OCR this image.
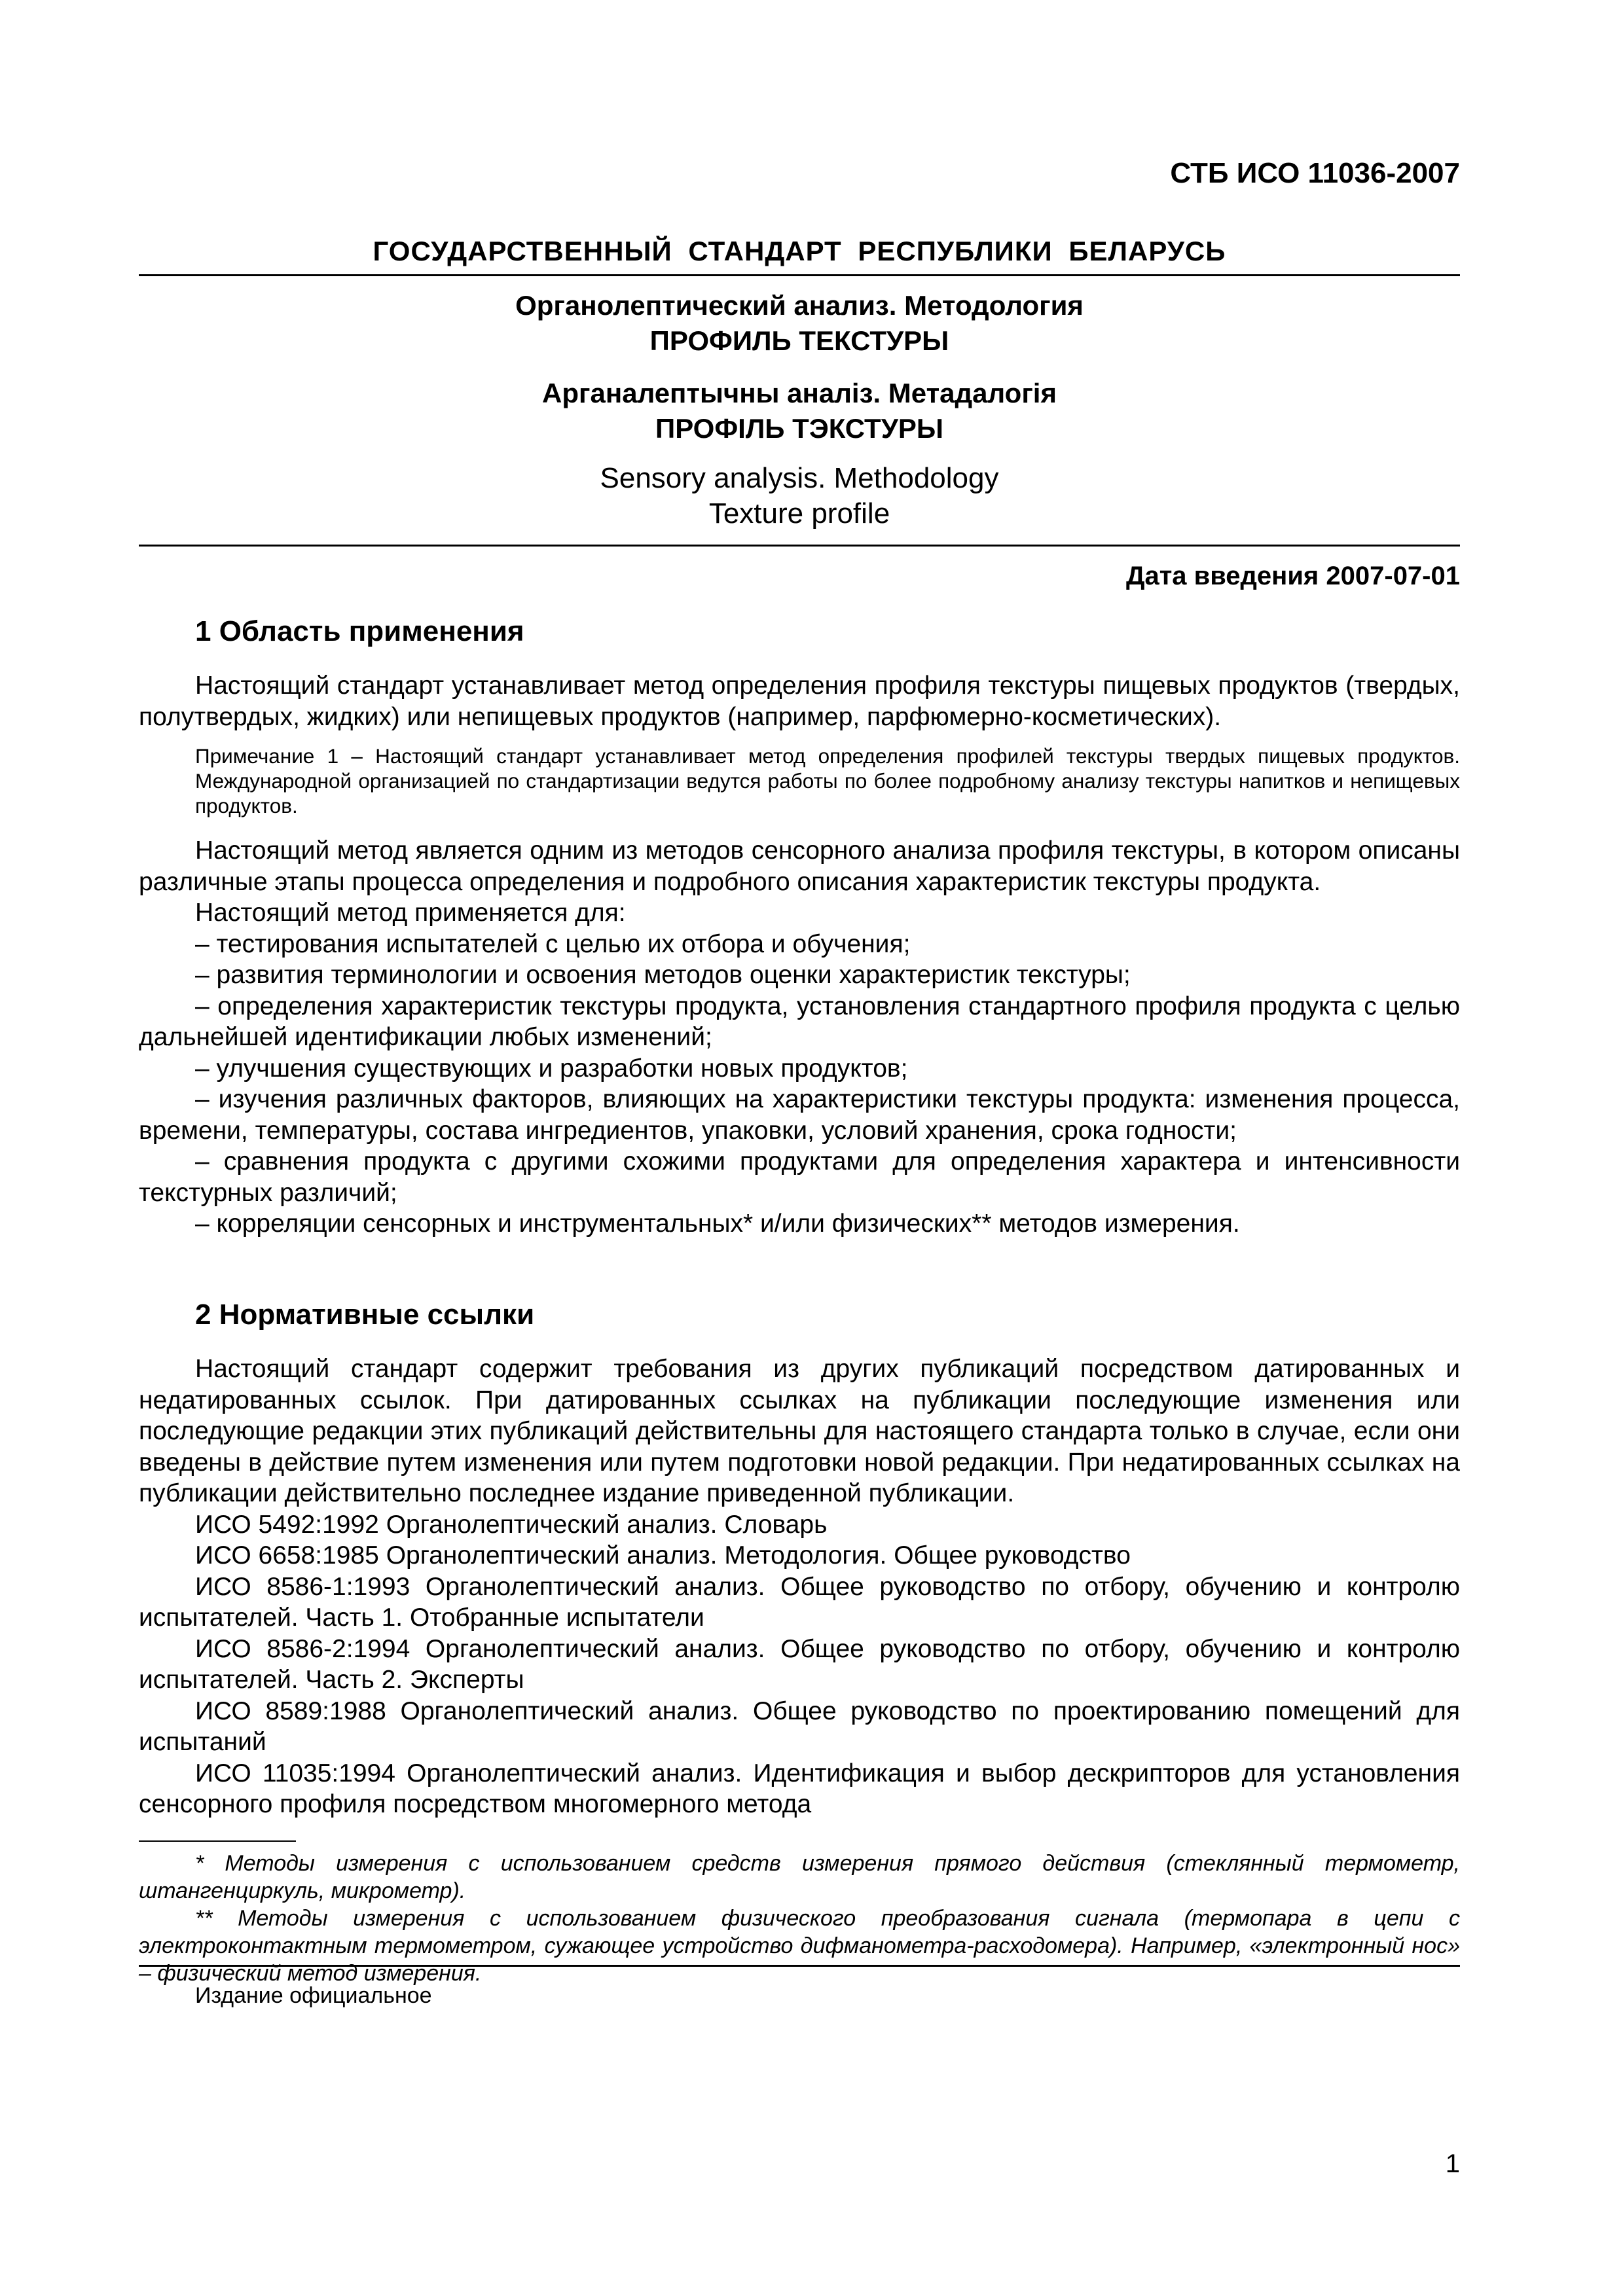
СТБ ИСО 11036-2007
ГОСУДАРСТВЕННЫЙ СТАНДАРТ РЕСПУБЛИКИ БЕЛАРУСЬ
Органолептический анализ. Методология
ПРОФИЛЬ ТЕКСТУРЫ
Арганалептычны аналіз. Метадалогія
ПРОФІЛЬ ТЭКСТУРЫ
Sensory analysis. Methodology
Texture profile
Дата введения 2007-07-01
1 Область применения

Настоящий стандарт устанавливает метод определения профиля текстуры пищевых продуктов (твердых, полутвердых, жидких) или непищевых продуктов (например, парфюмерно-косметических).

Примечание 1 – Настоящий стандарт устанавливает метод определения профилей текстуры твердых пищевых продуктов. Международной организацией по стандартизации ведутся работы по более подробному анализу текстуры напитков и непищевых продуктов.

Настоящий метод является одним из методов сенсорного анализа профиля текстуры, в котором описаны различные этапы процесса определения и подробного описания характеристик текстуры продукта.

Настоящий метод применяется для:

– тестирования испытателей с целью их отбора и обучения;

– развития терминологии и освоения методов оценки характеристик текстуры;

– определения характеристик текстуры продукта, установления стандартного профиля продукта с целью дальнейшей идентификации любых изменений;

– улучшения существующих и разработки новых продуктов;

– изучения различных факторов, влияющих на характеристики текстуры продукта: изменения процесса, времени, температуры, состава ингредиентов, упаковки, условий хранения, срока годности;

– сравнения продукта с другими схожими продуктами для определения характера и интенсивности текстурных различий;

– корреляции сенсорных и инструментальных* и/или физических** методов измерения.

2 Нормативные ссылки

Настоящий стандарт содержит требования из других публикаций посредством датированных и недатированных ссылок. При датированных ссылках на публикации последующие изменения или последующие редакции этих публикаций действительны для настоящего стандарта только в случае, если они введены в действие путем изменения или путем подготовки новой редакции. При недатированных ссылках на публикации действительно последнее издание приведенной публикации.

ИСО 5492:1992 Органолептический анализ. Словарь

ИСО 6658:1985 Органолептический анализ. Методология. Общее руководство

ИСО 8586-1:1993 Органолептический анализ. Общее руководство по отбору, обучению и контролю испытателей. Часть 1. Отобранные испытатели

ИСО 8586-2:1994 Органолептический анализ. Общее руководство по отбору, обучению и контролю испытателей. Часть 2. Эксперты

ИСО 8589:1988 Органолептический анализ. Общее руководство по проектированию помещений для испытаний

ИСО 11035:1994 Органолептический анализ. Идентификация и выбор дескрипторов для установления сенсорного профиля посредством многомерного метода

* Методы измерения с использованием средств измерения прямого действия (стеклянный термометр, штангенциркуль, микрометр).

** Методы измерения с использованием физического преобразования сигнала (термопара в цепи с электроконтактным термометром, сужающее устройство дифманометра-расходомера). Например, «электронный нос» – физический метод измерения.

Издание официальное
1
